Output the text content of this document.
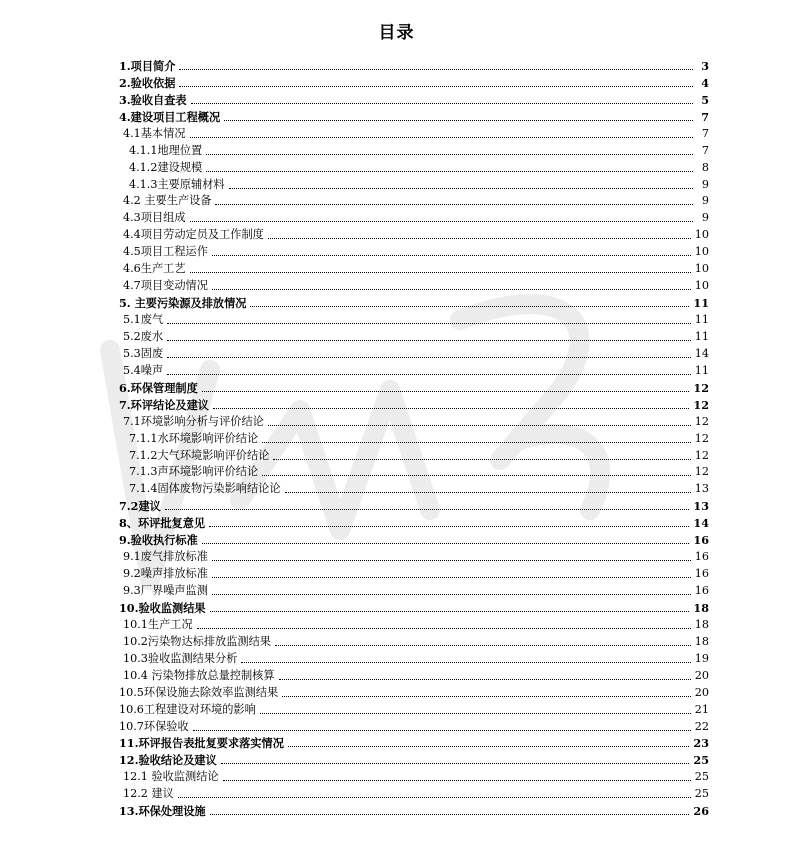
目录
1.项目简介	3
2.验收依据	4
3.验收自查表	5
4.建设项目工程概况	7
4.1基本情况	7
4.1.1地理位置	7
4.1.2建设规模	8
4.1.3主要原辅材料	9
4.2 主要生产设备	9
4.3项目组成	9
4.4项目劳动定员及工作制度	10
4.5项目工程运作	10
4.6生产工艺	10
4.7项目变动情况	10
5. 主要污染源及排放情况	11
5.1废气	11
5.2废水	11
5.3固废	14
5.4噪声	11
6.环保管理制度	12
7.环评结论及建议	12
7.1环境影响分析与评价结论	12
7.1.1水环境影响评价结论	12
7.1.2大气环境影响评价结论	12
7.1.3声环境影响评价结论	12
7.1.4固体废物污染影响结论论	13
7.2建议	13
8、环评批复意见	14
9.验收执行标准	16
9.1废气排放标准	16
9.2噪声排放标准	16
9.3厂界噪声监测	16
10.验收监测结果	18
10.1生产工况	18
10.2污染物达标排放监测结果	18
10.3验收监测结果分析	19
10.4 污染物排放总量控制核算	20
10.5环保设施去除效率监测结果	20
10.6工程建设对环境的影响	21
10.7环保验收	22
11.环评报告表批复要求落实情况	23
12.验收结论及建议	25
12.1 验收监测结论	25
12.2 建议	25
13.环保处理设施	26
